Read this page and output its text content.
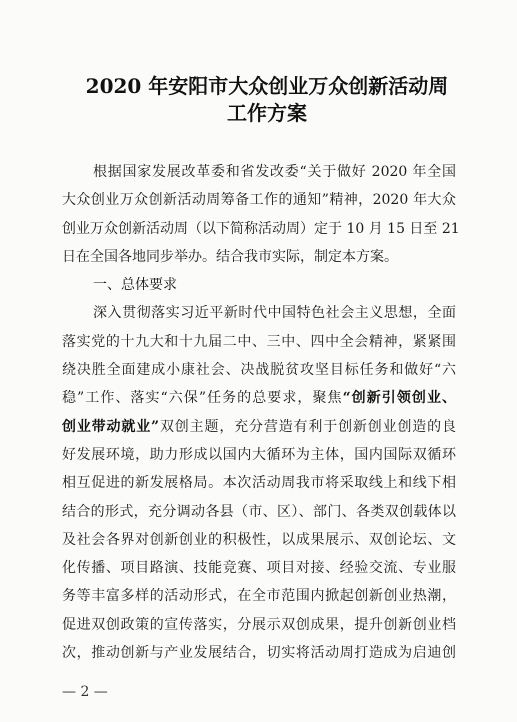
2020 年安阳市大众创业万众创新活动周
工作方案
根据国家发展改革委和省发改委“关于做好 2020 年全国
大众创业万众创新活动周筹备工作的通知”精神，2020 年大众
创业万众创新活动周（以下简称活动周）定于 10 月 15 日至 21
日在全国各地同步举办。结合我市实际，制定本方案。
一、总体要求
深入贯彻落实习近平新时代中国特色社会主义思想，全面
落实党的十九大和十九届二中、三中、四中全会精神，紧紧围
绕决胜全面建成小康社会、决战脱贫攻坚目标任务和做好“六
稳”工作、落实“六保”任务的总要求，聚焦“创新引领创业、
创业带动就业”双创主题，充分营造有利于创新创业创造的良
好发展环境，助力形成以国内大循环为主体，国内国际双循环
相互促进的新发展格局。本次活动周我市将采取线上和线下相
结合的形式，充分调动各县（市、区）、部门、各类双创载体以
及社会各界对创新创业的积极性，以成果展示、双创论坛、文
化传播、项目路演、技能竞赛、项目对接、经验交流、专业服
务等丰富多样的活动形式，在全市范围内掀起创新创业热潮，
促进双创政策的宣传落实，分展示双创成果，提升创新创业档
次，推动创新与产业发展结合，切实将活动周打造成为启迪创
— 2 —
